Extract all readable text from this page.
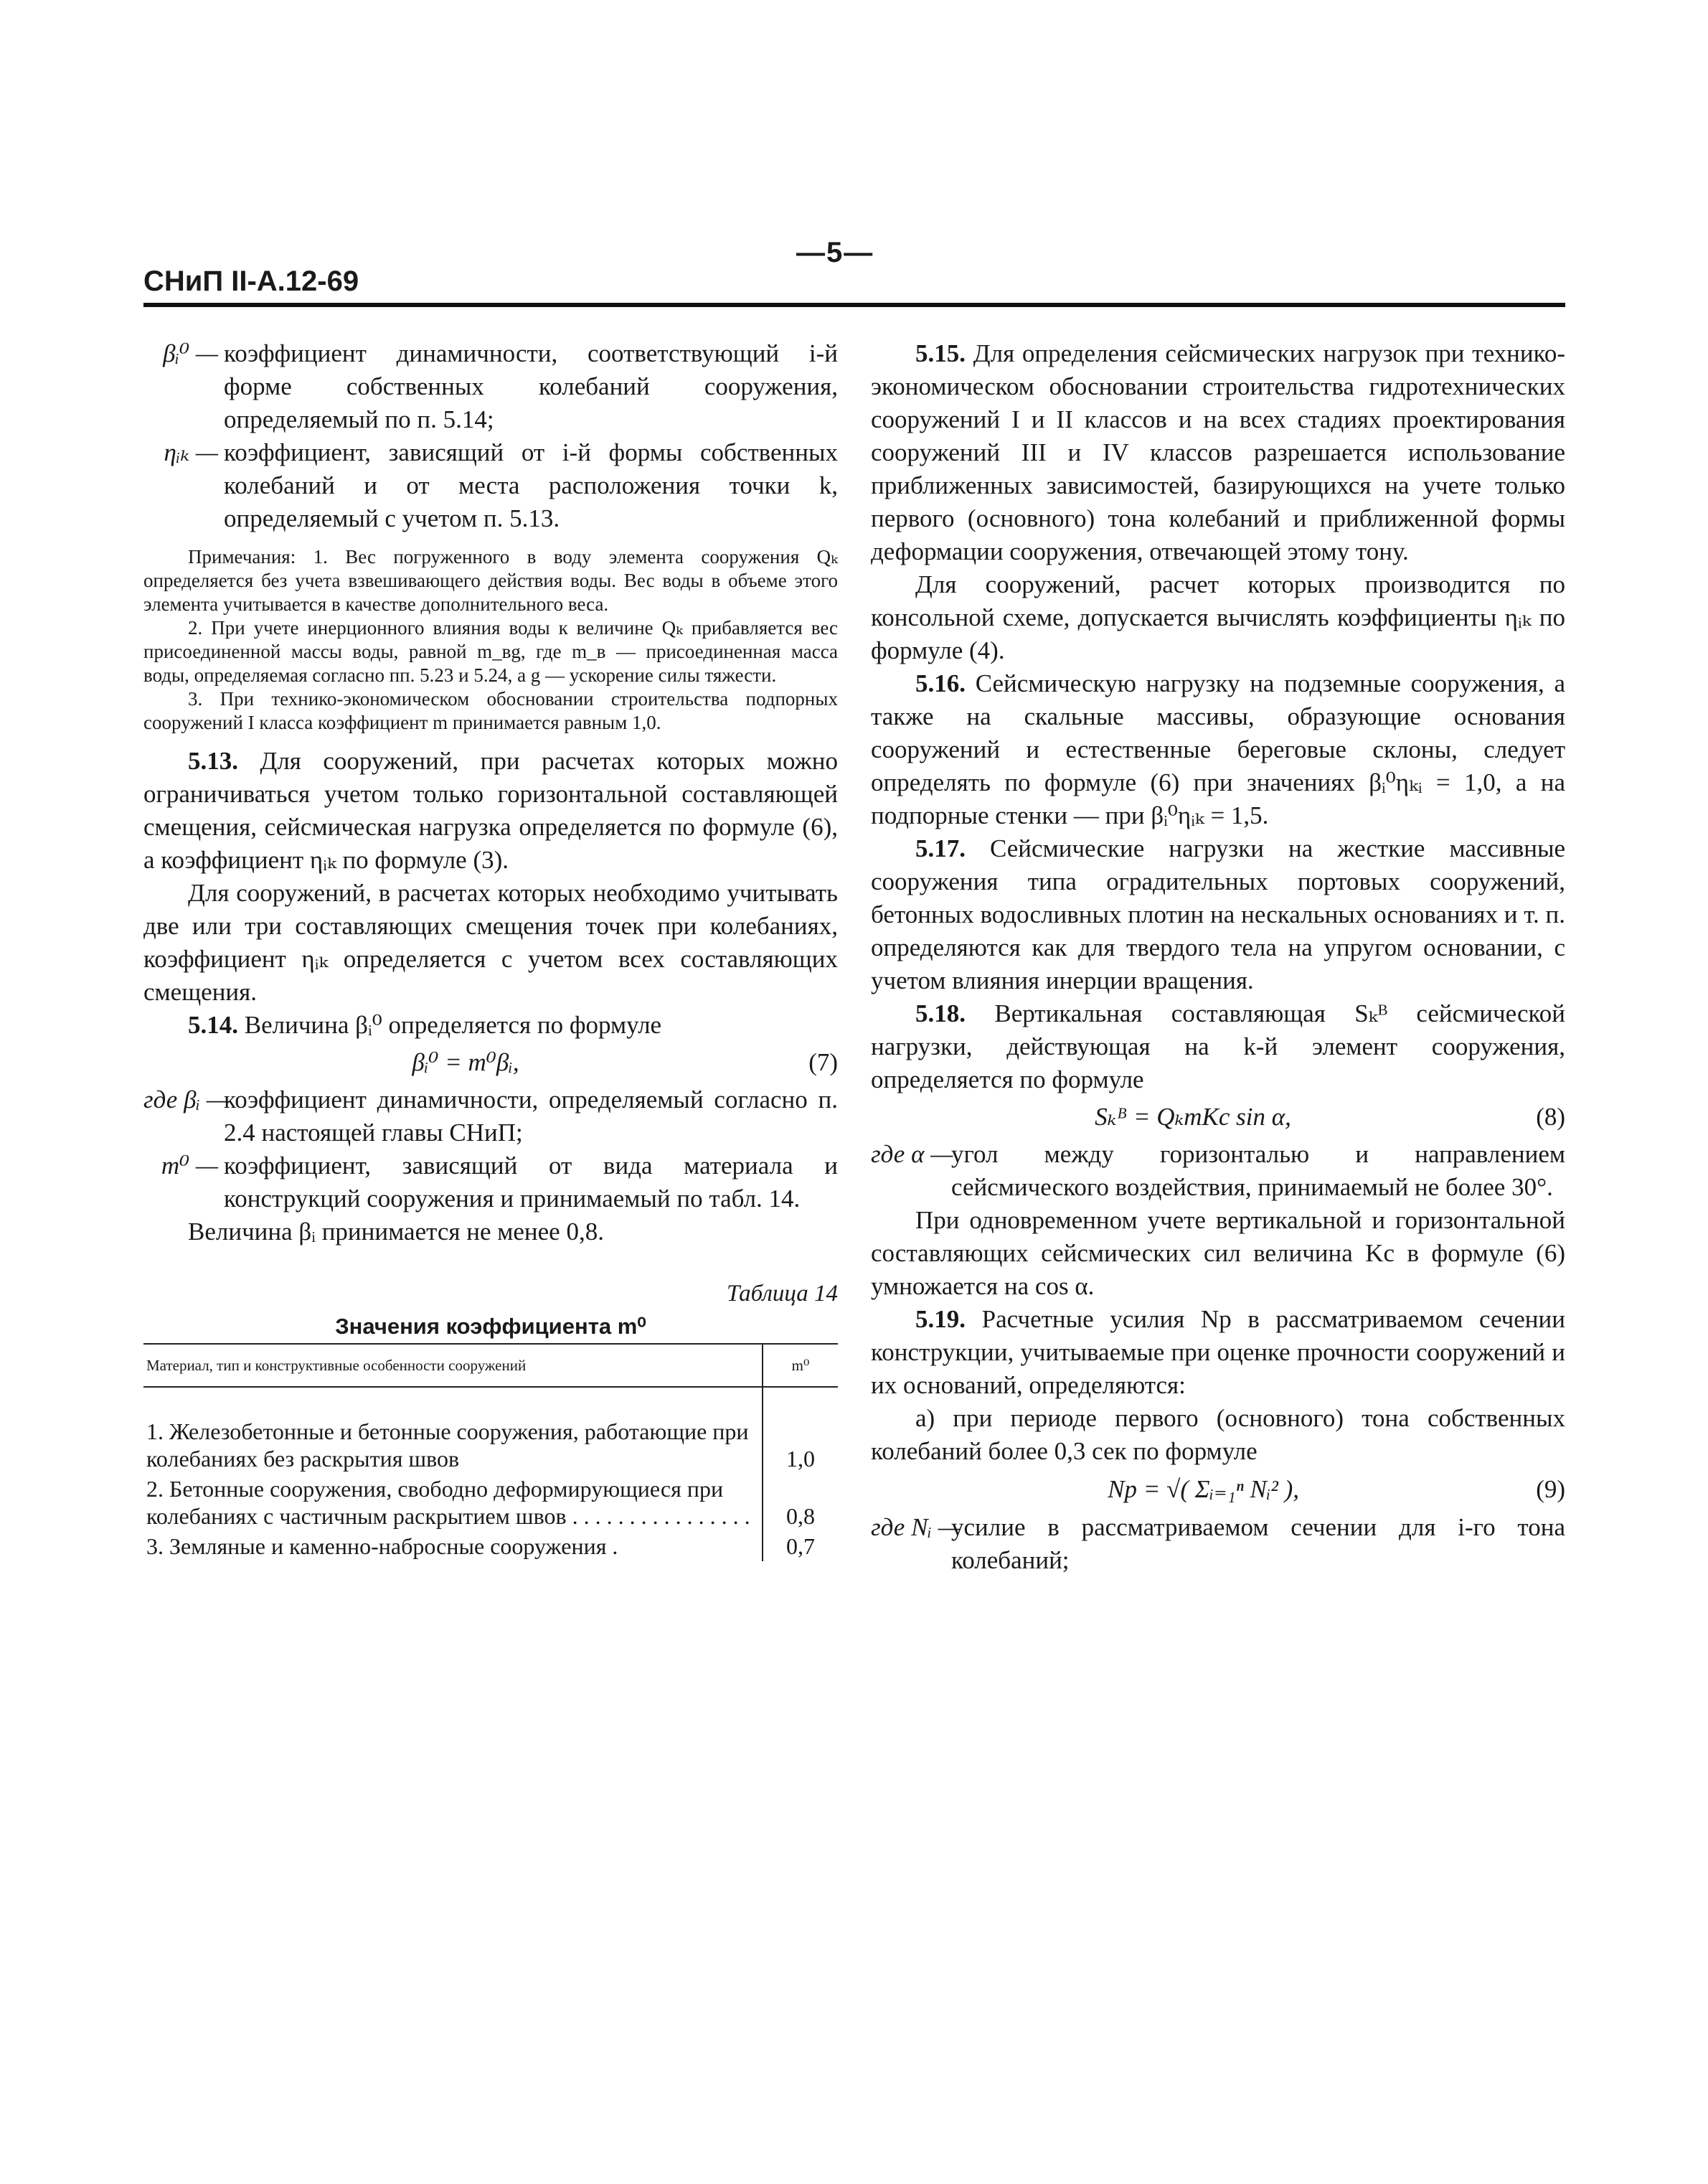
—5—
СНиП II-А.12-69
βᵢ⁰ — коэффициент динамичности, соответствующий i-й форме собственных колебаний сооружения, определяемый по п. 5.14;
ηᵢₖ — коэффициент, зависящий от i-й формы собственных колебаний и от места расположения точки k, определяемый с учетом п. 5.13.

Примечания: 1. Вес погруженного в воду элемента сооружения Qₖ определяется без учета взвешивающего действия воды. Вес воды в объеме этого элемента учитывается в качестве дополнительного веса.

2. При учете инерционного влияния воды к величине Qₖ прибавляется вес присоединенной массы воды, равной m_вg, где m_в — присоединенная масса воды, определяемая согласно пп. 5.23 и 5.24, а g — ускорение силы тяжести.

3. При технико-экономическом обосновании строительства подпорных сооружений I класса коэффициент m принимается равным 1,0.

5.13. Для сооружений, при расчетах которых можно ограничиваться учетом только горизонтальной составляющей смещения, сейсмическая нагрузка определяется по формуле (6), а коэффициент ηᵢₖ по формуле (3).

Для сооружений, в расчетах которых необходимо учитывать две или три составляющих смещения точек при колебаниях, коэффициент ηᵢₖ определяется с учетом всех составляющих смещения.

5.14. Величина βᵢ⁰ определяется по формуле

βᵢ⁰ = m⁰βᵢ,	(7)
где βᵢ —
коэффициент динамичности, определяемый согласно п. 2.4 настоящей главы СНиП;
m⁰ — коэффициент, зависящий от вида материала и конструкций сооружения и принимаемый по табл. 14.

Величина βᵢ принимается не менее 0,8.

Таблица 14
Значения коэффициента m⁰
Материал, тип и конструктивные особенности сооружений	m⁰
1. Железобетонные и бетонные сооружения, работающие при колебаниях без раскрытия швов	1,0
2. Бетонные сооружения, свободно деформирующиеся при колебаниях с частичным раскрытием швов . . . . . . . . . . . . . . . .	0,8
3. Земляные и каменно-набросные сооружения .	0,7

5.15. Для определения сейсмических нагрузок при технико-экономическом обосновании строительства гидротехнических сооружений I и II классов и на всех стадиях проектирования сооружений III и IV классов разрешается использование приближенных зависимостей, базирующихся на учете только первого (основного) тона колебаний и приближенной формы деформации сооружения, отвечающей этому тону.

Для сооружений, расчет которых производится по консольной схеме, допускается вычислять коэффициенты ηᵢₖ по формуле (4).

5.16. Сейсмическую нагрузку на подземные сооружения, а также на скальные массивы, образующие основания сооружений и естественные береговые склоны, следует определять по формуле (6) при значениях βᵢ⁰ηₖᵢ = 1,0, а на подпорные стенки — при βᵢ⁰ηᵢₖ = 1,5.

5.17. Сейсмические нагрузки на жесткие массивные сооружения типа оградительных портовых сооружений, бетонных водосливных плотин на нескальных основаниях и т. п. определяются как для твердого тела на упругом основании, с учетом влияния инерции вращения.

5.18. Вертикальная составляющая Sₖᴮ сейсмической нагрузки, действующая на k-й элемент сооружения, определяется по формуле

Sₖᴮ = QₖmKc sin α,	(8)
где α —
угол между горизонталью и направлением сейсмического воздействия, принимаемый не более 30°.

При одновременном учете вертикальной и горизонтальной составляющих сейсмических сил величина Kc в формуле (6) умножается на cos α.

5.19. Расчетные усилия Nр в рассматриваемом сечении конструкции, учитываемые при оценке прочности сооружений и их оснований, определяются:

а) при периоде первого (основного) тона собственных колебаний более 0,3 сек по формуле

Nр = √( Σᵢ₌₁ⁿ Nᵢ² ),	(9)
где Nᵢ —
усилие в рассматриваемом сечении для i-го тона колебаний;
